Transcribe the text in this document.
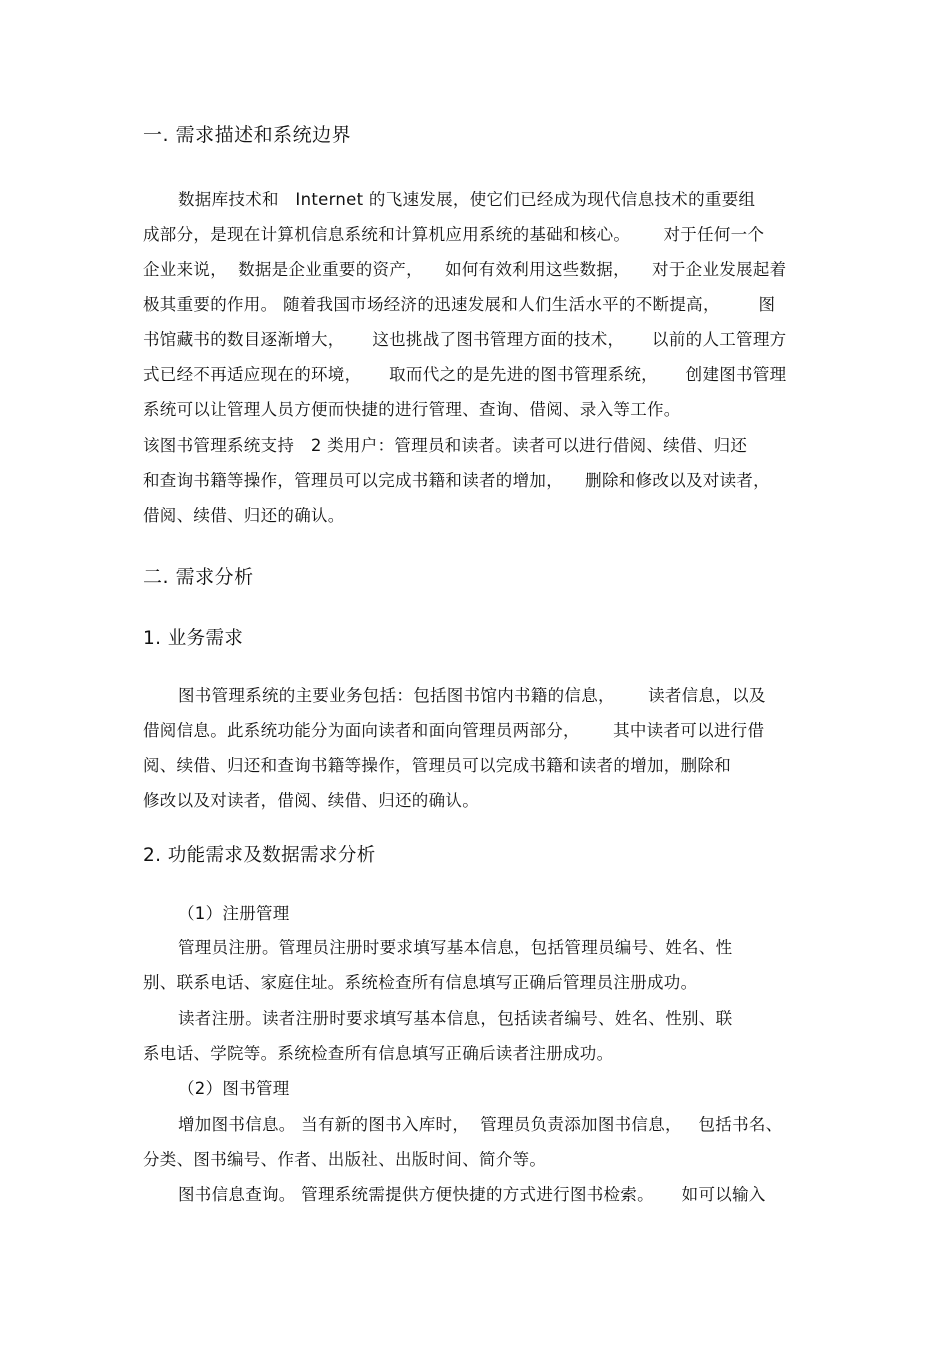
一. 需求描述和系统边界
数据库技术和   Internet 的飞速发展，使它们已经成为现代信息技术的重要组
成部分，是现在计算机信息系统和计算机应用系统的基础和核心。      对于任何一个
企业来说，  数据是企业重要的资产，    如何有效利用这些数据，    对于企业发展起着
极其重要的作用。 随着我国市场经济的迅速发展和人们生活水平的不断提高，       图
书馆藏书的数目逐渐增大，     这也挑战了图书管理方面的技术，     以前的人工管理方
式已经不再适应现在的环境，     取而代之的是先进的图书管理系统，     创建图书管理
系统可以让管理人员方便而快捷的进行管理、查询、借阅、录入等工作。
该图书管理系统支持   2 类用户：管理员和读者。读者可以进行借阅、续借、归还
和查询书籍等操作，管理员可以完成书籍和读者的增加，    删除和修改以及对读者，
借阅、续借、归还的确认。
二. 需求分析
1. 业务需求
图书管理系统的主要业务包括：包括图书馆内书籍的信息，      读者信息，以及
借阅信息。此系统功能分为面向读者和面向管理员两部分，      其中读者可以进行借
阅、续借、归还和查询书籍等操作，管理员可以完成书籍和读者的增加，删除和
修改以及对读者，借阅、续借、归还的确认。
2. 功能需求及数据需求分析
（1）注册管理
管理员注册。管理员注册时要求填写基本信息，包括管理员编号、姓名、性
别、联系电话、家庭住址。系统检查所有信息填写正确后管理员注册成功。
读者注册。读者注册时要求填写基本信息，包括读者编号、姓名、性别、联
系电话、学院等。系统检查所有信息填写正确后读者注册成功。
（2）图书管理
增加图书信息。 当有新的图书入库时，  管理员负责添加图书信息，   包括书名、
分类、图书编号、作者、出版社、出版时间、简介等。
图书信息查询。 管理系统需提供方便快捷的方式进行图书检索。     如可以输入
